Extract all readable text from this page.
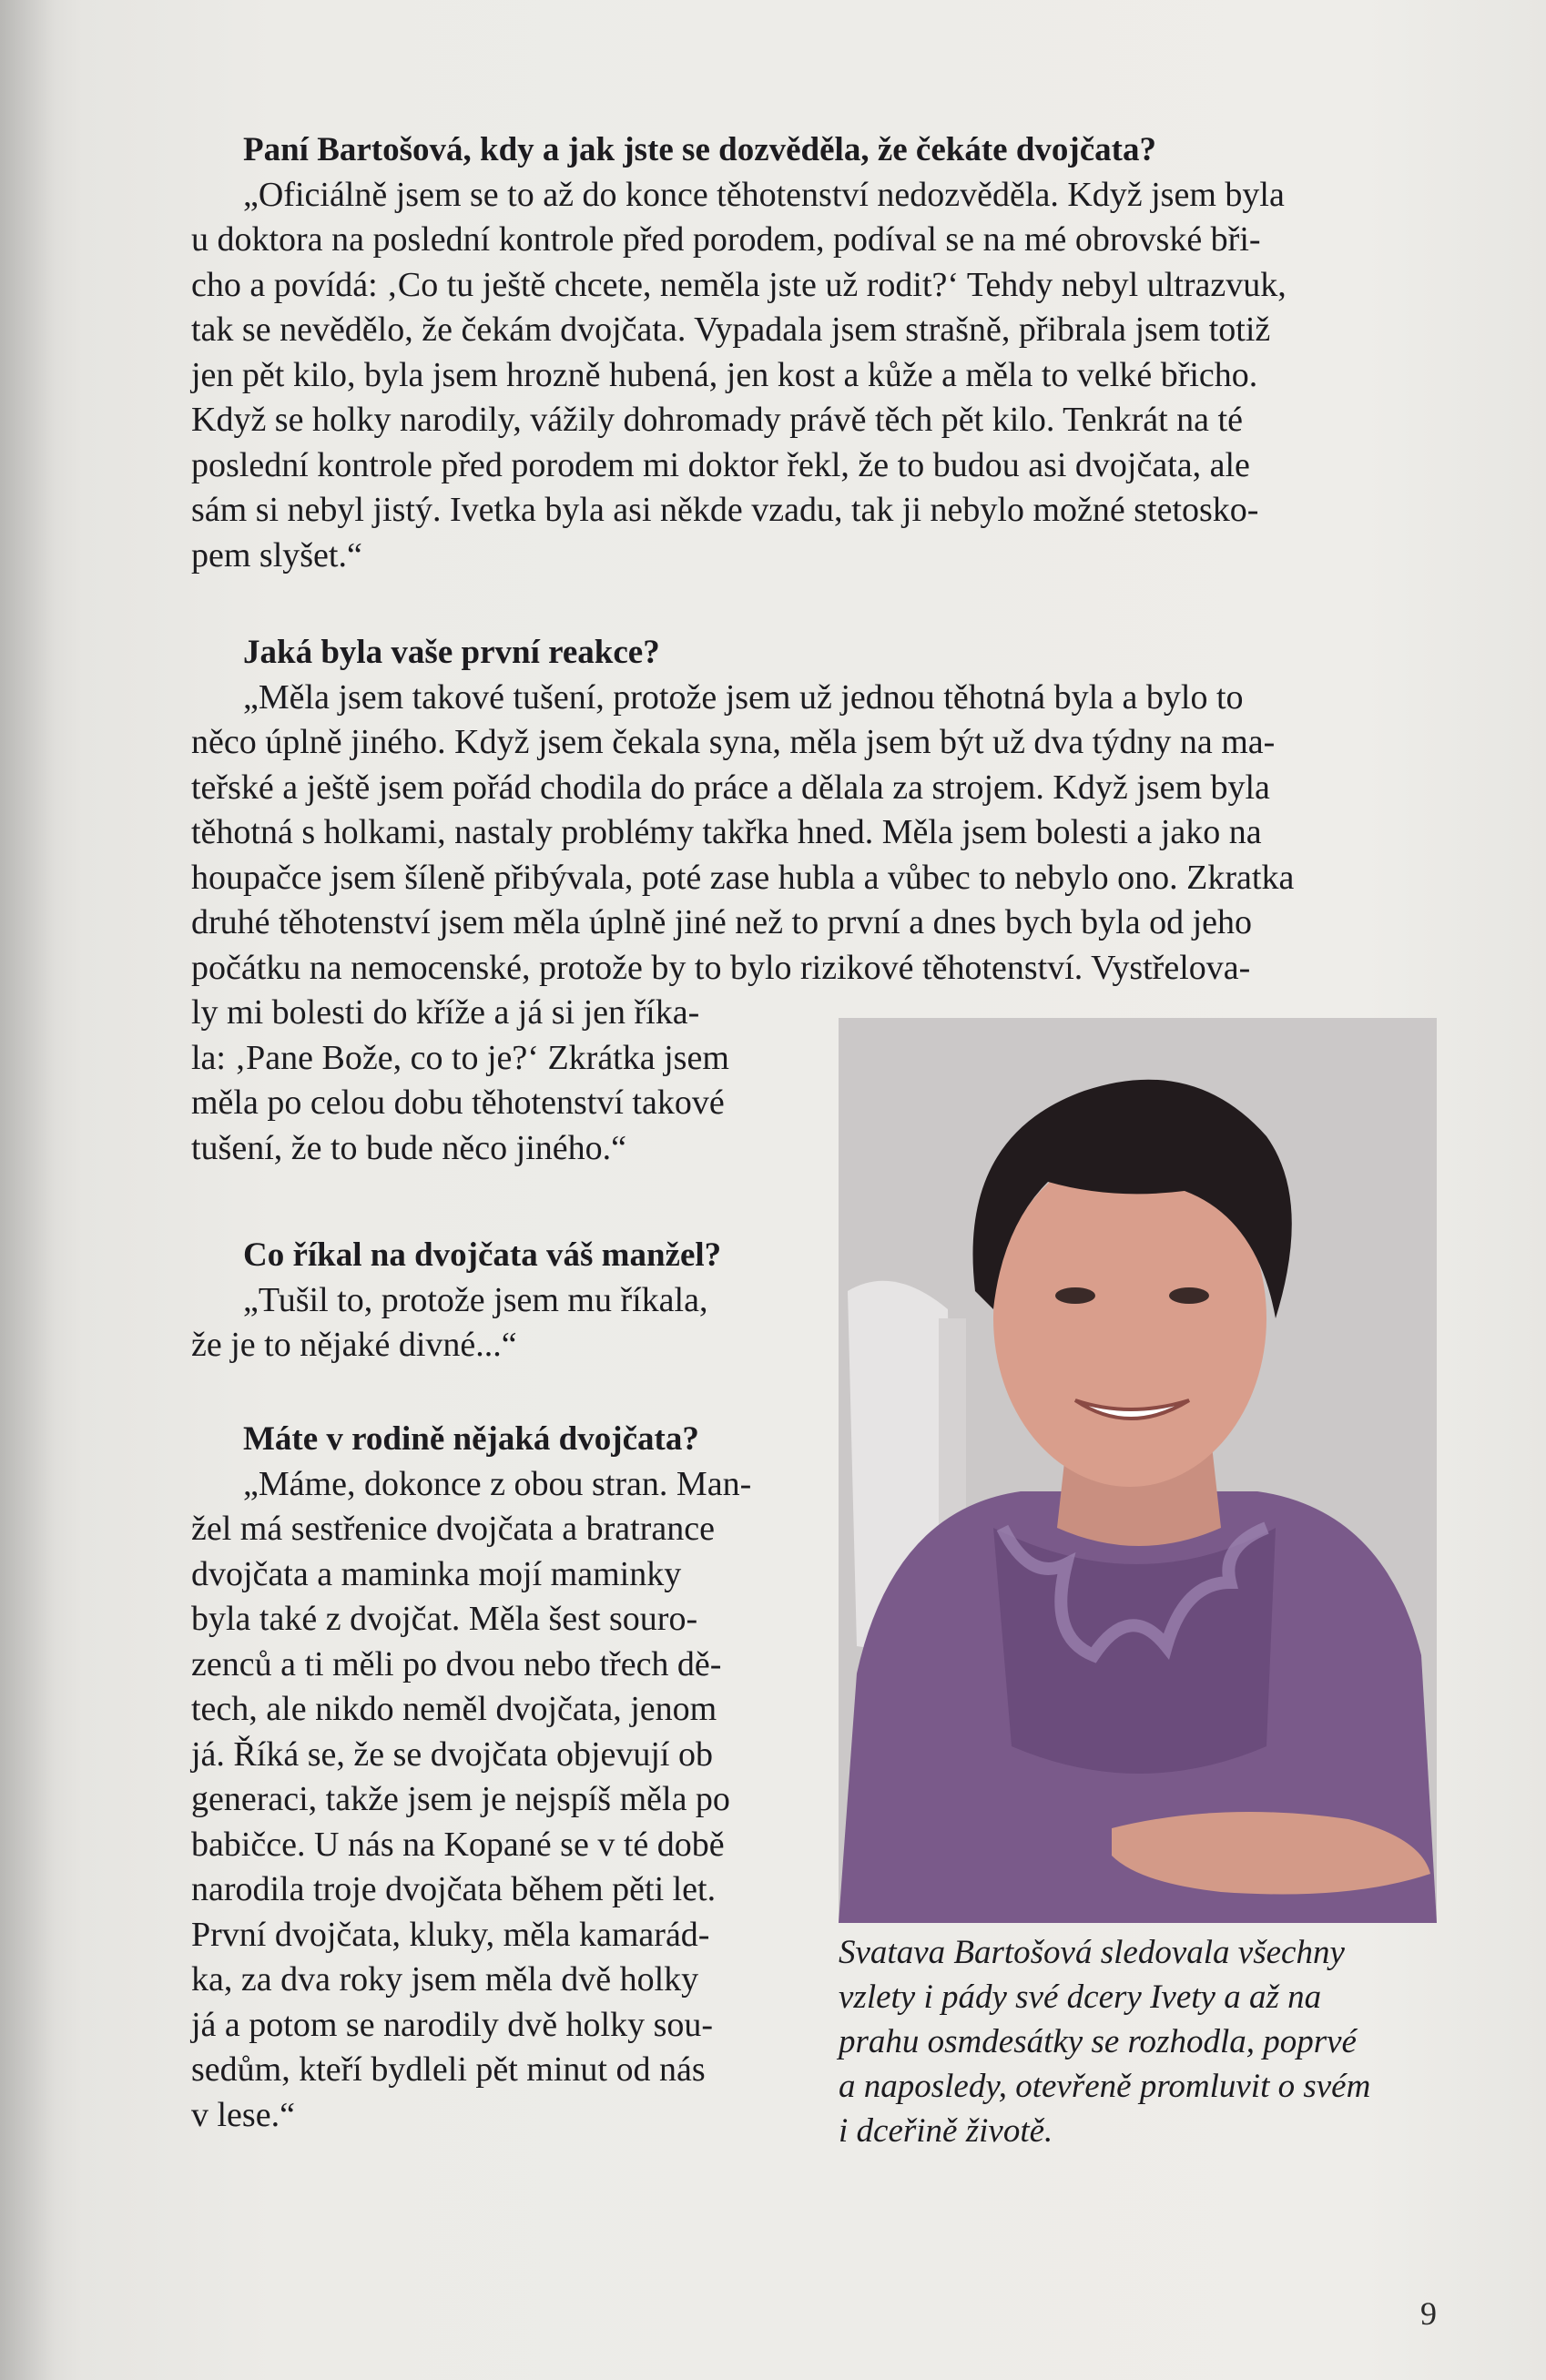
Paní Bartošová, kdy a jak jste se dozvěděla, že čekáte dvojčata?

„Oficiálně jsem se to až do konce těhotenství nedozvěděla. Když jsem byla
u doktora na poslední kontrole před porodem, podíval se na mé obrovské bři-
cho a povídá: ‚Co tu ještě chcete, neměla jste už rodit?‘ Tehdy nebyl ultrazvuk,
tak se nevědělo, že čekám dvojčata. Vypadala jsem strašně, přibrala jsem totiž
jen pět kilo, byla jsem hrozně hubená, jen kost a kůže a měla to velké břicho.
Když se holky narodily, vážily dohromady právě těch pět kilo. Tenkrát na té
poslední kontrole před porodem mi doktor řekl, že to budou asi dvojčata, ale
sám si nebyl jistý. Ivetka byla asi někde vzadu, tak ji nebylo možné stetosko-
pem slyšet.“

Jaká byla vaše první reakce?

„Měla jsem takové tušení, protože jsem už jednou těhotná byla a bylo to
něco úplně jiného. Když jsem čekala syna, měla jsem být už dva týdny na ma-
teřské a ještě jsem pořád chodila do práce a dělala za strojem. Když jsem byla
těhotná s holkami, nastaly problémy takřka hned. Měla jsem bolesti a jako na
houpačce jsem šíleně přibývala, poté zase hubla a vůbec to nebylo ono. Zkratka
druhé těhotenství jsem měla úplně jiné než to první a dnes bych byla od jeho
počátku na nemocenské, protože by to bylo rizikové těhotenství. Vystřelova-
ly mi bolesti do kříže a já si jen říka-
la: ‚Pane Bože, co to je?‘ Zkrátka jsem
měla po celou dobu těhotenství takové
tušení, že to bude něco jiného.“

Co říkal na dvojčata váš manžel?

„Tušil to, protože jsem mu říkala,
že je to nějaké divné...“

Máte v rodině nějaká dvojčata?

„Máme, dokonce z obou stran. Man-
žel má sestřenice dvojčata a bratrance
dvojčata a maminka mojí maminky
byla také z dvojčat. Měla šest souro-
zenců a ti měli po dvou nebo třech dě-
tech, ale nikdo neměl dvojčata, jenom
já. Říká se, že se dvojčata objevují ob
generaci, takže jsem je nejspíš měla po
babičce. U nás na Kopané se v té době
narodila troje dvojčata během pěti let.
První dvojčata, kluky, měla kamarád-
ka, za dva roky jsem měla dvě holky
já a potom se narodily dvě holky sou-
sedům, kteří bydleli pět minut od nás
v lese.“
Svatava Bartošová sledovala všechny
vzlety i pády své dcery Ivety a až na
prahu osmdesátky se rozhodla, poprvé
a naposledy, otevřeně promluvit o svém
i dceřině životě.
9
